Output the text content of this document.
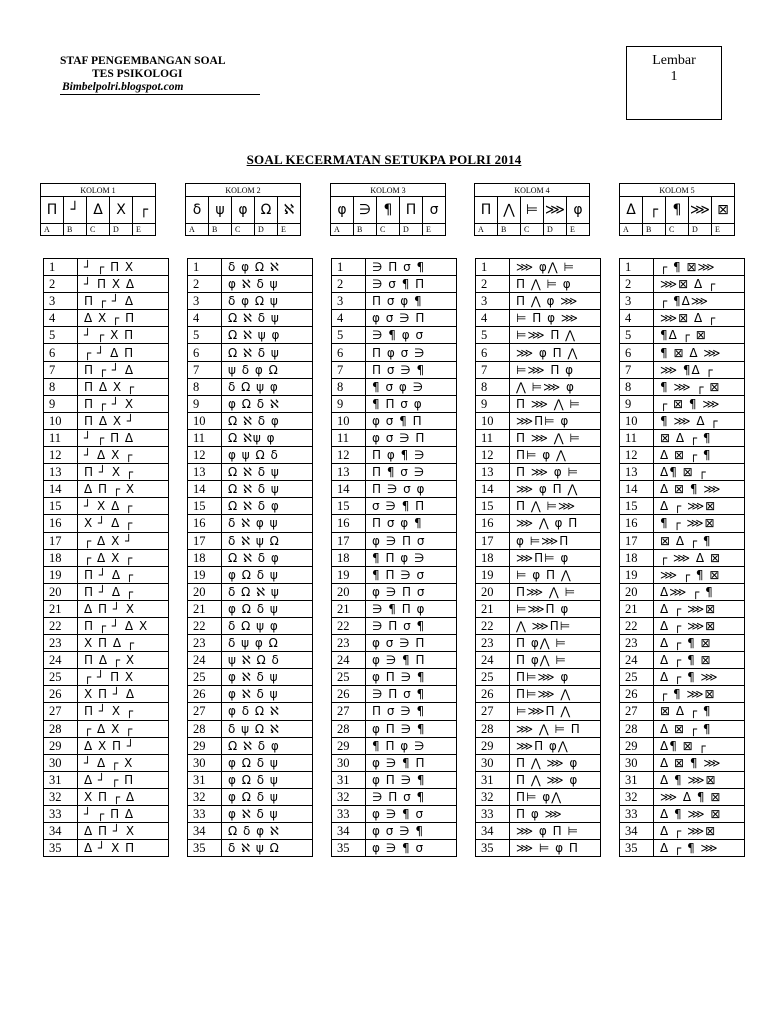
STAF PENGEMBANGAN SOAL
TES PSIKOLOGI
Bimbelpolri.blogspot.com
Lembar
1
SOAL KECERMATAN SETUKPA POLRI 2014
KOLOM 1				
Π	┘	Δ	X	┌
A	B	C	D	E
1	┘ ┌ Π X
2	┘ Π X Δ
3	Π ┌ ┘ Δ
4	Δ X ┌ Π
5	┘ ┌ X Π
6	┌ ┘ Δ Π
7	Π ┌ ┘ Δ
8	Π Δ X ┌
9	Π ┌ ┘ X
10	Π Δ X ┘
11	┘ ┌ Π Δ
12	┘ Δ X ┌
13	Π ┘ X ┌
14	Δ Π ┌ X
15	┘ X Δ ┌
16	X ┘ Δ ┌
17	┌ Δ X ┘
18	┌ Δ X ┌
19	Π ┘ Δ ┌
20	Π ┘ Δ ┌
21	Δ Π ┘ X
22	Π ┌ ┘ Δ X
23	X Π Δ ┌
24	Π Δ ┌ X
25	┌ ┘ Π X
26	X Π ┘ Δ
27	Π ┘ X ┌
28	┌ Δ X ┌
29	Δ X Π ┘
30	┘ Δ ┌ X
31	Δ ┘ ┌ Π
32	X Π ┌ Δ
33	┘ ┌ Π Δ
34	Δ Π ┘ X
35	Δ ┘ X Π
KOLOM 2				
δ	ψ	φ	Ω	ℵ
A	B	C	D	E
1	δ φ Ω ℵ
2	φ ℵ δ ψ
3	δ φ Ω ψ
4	Ω ℵ δ ψ
5	Ω ℵ ψ φ
6	Ω ℵ δ ψ
7	ψ δ φ Ω
8	δ Ω ψ φ
9	φ Ω δ ℵ
10	Ω ℵ δ φ
11	Ω ℵψ φ
12	φ ψ Ω δ
13	Ω ℵ δ ψ
14	Ω ℵ δ ψ
15	Ω ℵ δ φ
16	δ ℵ φ ψ
17	δ ℵ ψ Ω
18	Ω ℵ δ φ
19	φ Ω δ ψ
20	δ Ω ℵ ψ
21	φ Ω δ ψ
22	δ Ω ψ φ
23	δ ψ φ Ω
24	ψ ℵ Ω δ
25	φ ℵ δ ψ
26	φ ℵ δ ψ
27	φ δ Ω ℵ
28	δ ψ Ω ℵ
29	Ω ℵ δ φ
30	φ Ω δ ψ
31	φ Ω δ ψ
32	φ Ω δ ψ
33	φ ℵ δ ψ
34	Ω δ φ ℵ
35	δ ℵ ψ Ω
KOLOM 3				
φ	∋	¶	Π	σ
A	B	C	D	E
1	∋ Π σ ¶
2	∋ σ ¶ Π
3	Π σ φ ¶
4	φ σ ∋ Π
5	∋ ¶ φ σ
6	Π φ σ ∋
7	Π σ ∋ ¶
8	¶ σ φ ∋
9	¶ Π σ φ
10	φ σ ¶ Π
11	φ σ ∋ Π
12	Π φ ¶ ∋
13	Π ¶ σ ∋
14	Π ∋ σ φ
15	σ ∋ ¶ Π
16	Π σ φ ¶
17	φ ∋ Π σ
18	¶ Π φ ∋
19	¶ Π ∋ σ
20	φ ∋ Π σ
21	∋ ¶ Π φ
22	∋ Π σ ¶
23	φ σ ∋ Π
24	φ ∋ ¶ Π
25	φ Π ∋ ¶
26	∋ Π σ ¶
27	Π σ ∋ ¶
28	φ Π ∋ ¶
29	¶ Π φ ∋
30	φ ∋ ¶ Π
31	φ Π ∋ ¶
32	∋ Π σ ¶
33	φ ∋ ¶ σ
34	φ σ ∋ ¶
35	φ ∋ ¶ σ
KOLOM 4				
Π	⋀	⊨	⋙	φ
A	B	C	D	E
1	⋙ φ⋀ ⊨
2	Π ⋀ ⊨ φ
3	Π ⋀ φ ⋙
4	⊨ Π φ ⋙
5	⊨⋙ Π ⋀
6	⋙ φ Π ⋀
7	⊨⋙ Π φ
8	⋀ ⊨⋙ φ
9	Π ⋙ ⋀ ⊨
10	⋙Π⊨ φ
11	Π ⋙ ⋀ ⊨
12	Π⊨ φ ⋀
13	Π ⋙ φ ⊨
14	⋙ φ Π ⋀
15	Π ⋀ ⊨⋙
16	⋙ ⋀ φ Π
17	φ ⊨⋙Π
18	⋙Π⊨ φ
19	⊨ φ Π ⋀
20	Π⋙ ⋀ ⊨
21	⊨⋙Π φ
22	⋀ ⋙Π⊨
23	Π φ⋀ ⊨
24	Π φ⋀ ⊨
25	Π⊨⋙ φ
26	Π⊨⋙ ⋀
27	⊨⋙Π ⋀
28	⋙ ⋀ ⊨ Π
29	⋙Π φ⋀
30	Π ⋀ ⋙ φ
31	Π ⋀ ⋙ φ
32	Π⊨ φ⋀
33	Π φ ⋙
34	⋙ φ Π ⊨
35	⋙ ⊨ φ Π
KOLOM 5				
Δ	┌	¶	⋙	⊠
A	B	C	D	E
1	┌ ¶ ⊠⋙
2	⋙⊠ Δ ┌
3	┌ ¶Δ⋙
4	⋙⊠ Δ ┌
5	¶Δ ┌ ⊠
6	¶ ⊠ Δ ⋙
7	⋙ ¶Δ ┌
8	¶ ⋙ ┌ ⊠
9	┌ ⊠ ¶ ⋙
10	¶ ⋙ Δ ┌
11	⊠ Δ ┌ ¶
12	Δ ⊠ ┌ ¶
13	Δ¶ ⊠ ┌
14	Δ ⊠ ¶ ⋙
15	Δ ┌ ⋙⊠
16	¶ ┌ ⋙⊠
17	⊠ Δ ┌ ¶
18	┌ ⋙ Δ ⊠
19	⋙ ┌ ¶ ⊠
20	Δ⋙ ┌ ¶
21	Δ ┌ ⋙⊠
22	Δ ┌ ⋙⊠
23	Δ ┌ ¶ ⊠
24	Δ ┌ ¶ ⊠
25	Δ ┌ ¶ ⋙
26	┌ ¶ ⋙⊠
27	⊠ Δ ┌ ¶
28	Δ ⊠ ┌ ¶
29	Δ¶ ⊠ ┌
30	Δ ⊠ ¶ ⋙
31	Δ ¶ ⋙⊠
32	⋙ Δ ¶ ⊠
33	Δ ¶ ⋙ ⊠
34	Δ ┌ ⋙⊠
35	Δ ┌ ¶ ⋙
